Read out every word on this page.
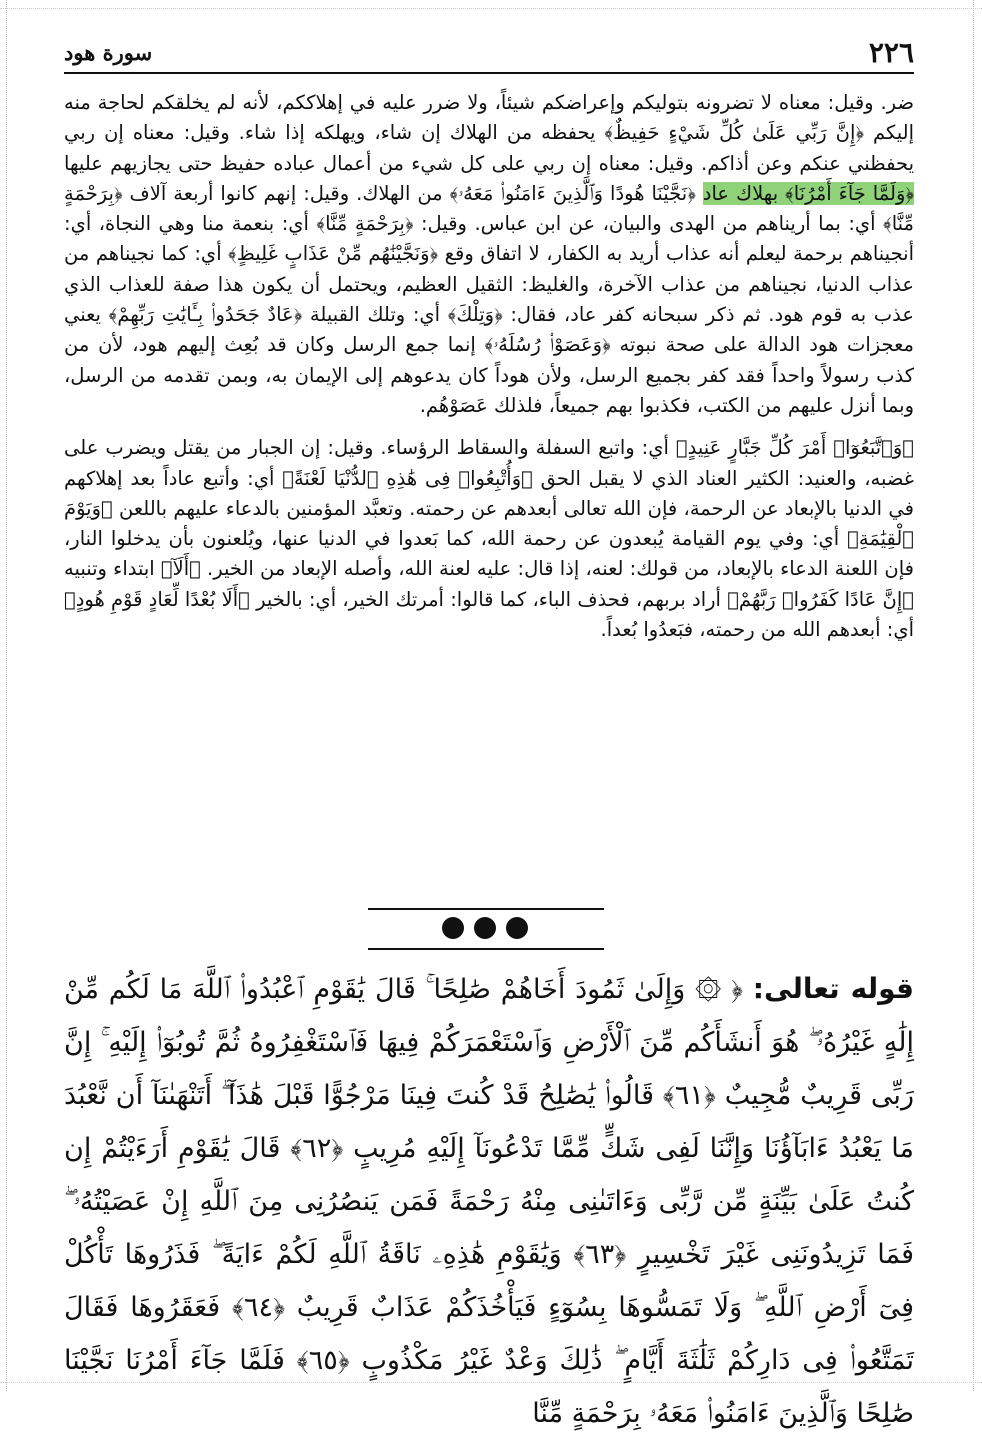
سورة هود	٢٢٦

ضر. وقيل: معناه لا تضرونه بتوليكم وإعراضكم شيئاً، ولا ضرر عليه في إهلاككم، لأنه لم يخلقكم لحاجة منه إليكم ﴿إِنَّ رَبِّي عَلَىٰ كُلِّ شَيْءٍ حَفِيظٌ﴾ يحفظه من الهلاك إن شاء، ويهلكه إذا شاء. وقيل: معناه إن ربي يحفظني عنكم وعن أذاكم. وقيل: معناه إن ربي على كل شيء من أعمال عباده حفيظ حتى يجازيهم عليها ﴿وَلَمَّا جَآءَ أَمْرُنَا﴾ بهلاك عاد ﴿نَجَّيْنَا هُودًا وَٱلَّذِينَ ءَامَنُوا۟ مَعَهُۥ﴾ من الهلاك. وقيل: إنهم كانوا أربعة آلاف ﴿بِرَحْمَةٍ مِّنَّا﴾ أي: بما أريناهم من الهدى والبيان، عن ابن عباس. وقيل: ﴿بِرَحْمَةٍ مِّنَّا﴾ أي: بنعمة منا وهي النجاة، أي: أنجيناهم برحمة ليعلم أنه عذاب أريد به الكفار، لا اتفاق وقع ﴿وَنَجَّيْنَٰهُم مِّنْ عَذَابٍ غَلِيظٍ﴾ أي: كما نجيناهم من عذاب الدنيا، نجيناهم من عذاب الآخرة، والغليظ: الثقيل العظيم، ويحتمل أن يكون هذا صفة للعذاب الذي عذب به قوم هود. ثم ذكر سبحانه كفر عاد، فقال: ﴿وَتِلْكَ﴾ أي: وتلك القبيلة ﴿عَادٌ جَحَدُوا۟ بِـَٔايَٰتِ رَبِّهِمْ﴾ يعني معجزات هود الدالة على صحة نبوته ﴿وَعَصَوْا۟ رُسُلَهُۥ﴾ إنما جمع الرسل وكان قد بُعِث إليهم هود، لأن من كذب رسولاً واحداً فقد كفر بجميع الرسل، ولأن هوداً كان يدعوهم إلى الإيمان به، وبمن تقدمه من الرسل، وبما أنزل عليهم من الكتب، فكذبوا بهم جميعاً، فلذلك عَصَوْهُم.

﴿وَٱتَّبَعُوٓا۟ أَمْرَ كُلِّ جَبَّارٍ عَنِيدٍ﴾ أي: واتبع السفلة والسقاط الرؤساء. وقيل: إن الجبار من يقتل ويضرب على غضبه، والعنيد: الكثير العناد الذي لا يقبل الحق ﴿وَأُتْبِعُوا۟ فِى هَٰذِهِ ٱلدُّنْيَا لَعْنَةً﴾ أي: وأتبع عاداً بعد إهلاكهم في الدنيا بالإبعاد عن الرحمة، فإن الله تعالى أبعدهم عن رحمته. وتعبَّد المؤمنين بالدعاء عليهم باللعن ﴿وَيَوْمَ ٱلْقِيَٰمَةِ﴾ أي: وفي يوم القيامة يُبعدون عن رحمة الله، كما بَعدوا في الدنيا عنها، ويُلعنون بأن يدخلوا النار، فإن اللعنة الدعاء بالإبعاد، من قولك: لعنه، إذا قال: عليه لعنة الله، وأصله الإبعاد من الخير. ﴿أَلَآ﴾ ابتداء وتنبيه ﴿إِنَّ عَادًا كَفَرُوا۟ رَبَّهُمْ﴾ أراد بربهم، فحذف الباء، كما قالوا: أمرتك الخير، أي: بالخير ﴿أَلَا بُعْدًا لِّعَادٍ قَوْمِ هُودٍ﴾ أي: أبعدهم الله من رحمته، فبَعدُوا بُعداً.

قوله تعالى: ﴿ ۞ وَإِلَىٰ ثَمُودَ أَخَاهُمْ صَٰلِحًا ۚ قَالَ يَٰقَوْمِ ٱعْبُدُوا۟ ٱللَّهَ مَا لَكُم مِّنْ إِلَٰهٍ غَيْرُهُۥ ۖ هُوَ أَنشَأَكُم مِّنَ ٱلْأَرْضِ وَٱسْتَعْمَرَكُمْ فِيهَا فَٱسْتَغْفِرُوهُ ثُمَّ تُوبُوٓا۟ إِلَيْهِ ۚ إِنَّ رَبِّى قَرِيبٌ مُّجِيبٌ ﴿٦١﴾ قَالُوا۟ يَٰصَٰلِحُ قَدْ كُنتَ فِينَا مَرْجُوًّا قَبْلَ هَٰذَآ ۖ أَتَنْهَىٰنَآ أَن نَّعْبُدَ مَا يَعْبُدُ ءَابَآؤُنَا وَإِنَّنَا لَفِى شَكٍّ مِّمَّا تَدْعُونَآ إِلَيْهِ مُرِيبٍ ﴿٦٢﴾ قَالَ يَٰقَوْمِ أَرَءَيْتُمْ إِن كُنتُ عَلَىٰ بَيِّنَةٍ مِّن رَّبِّى وَءَاتَىٰنِى مِنْهُ رَحْمَةً فَمَن يَنصُرُنِى مِنَ ٱللَّهِ إِنْ عَصَيْتُهُۥ ۖ فَمَا تَزِيدُونَنِى غَيْرَ تَخْسِيرٍ ﴿٦٣﴾ وَيَٰقَوْمِ هَٰذِهِۦ نَاقَةُ ٱللَّهِ لَكُمْ ءَايَةً ۖ فَذَرُوهَا تَأْكُلْ فِىٓ أَرْضِ ٱللَّهِ ۖ وَلَا تَمَسُّوهَا بِسُوٓءٍ فَيَأْخُذَكُمْ عَذَابٌ قَرِيبٌ ﴿٦٤﴾ فَعَقَرُوهَا فَقَالَ تَمَتَّعُوا۟ فِى دَارِكُمْ ثَلَٰثَةَ أَيَّامٍ ۖ ذَٰلِكَ وَعْدٌ غَيْرُ مَكْذُوبٍ ﴿٦٥﴾ فَلَمَّا جَآءَ أَمْرُنَا نَجَّيْنَا صَٰلِحًا وَٱلَّذِينَ ءَامَنُوا۟ مَعَهُۥ بِرَحْمَةٍ مِّنَّا
